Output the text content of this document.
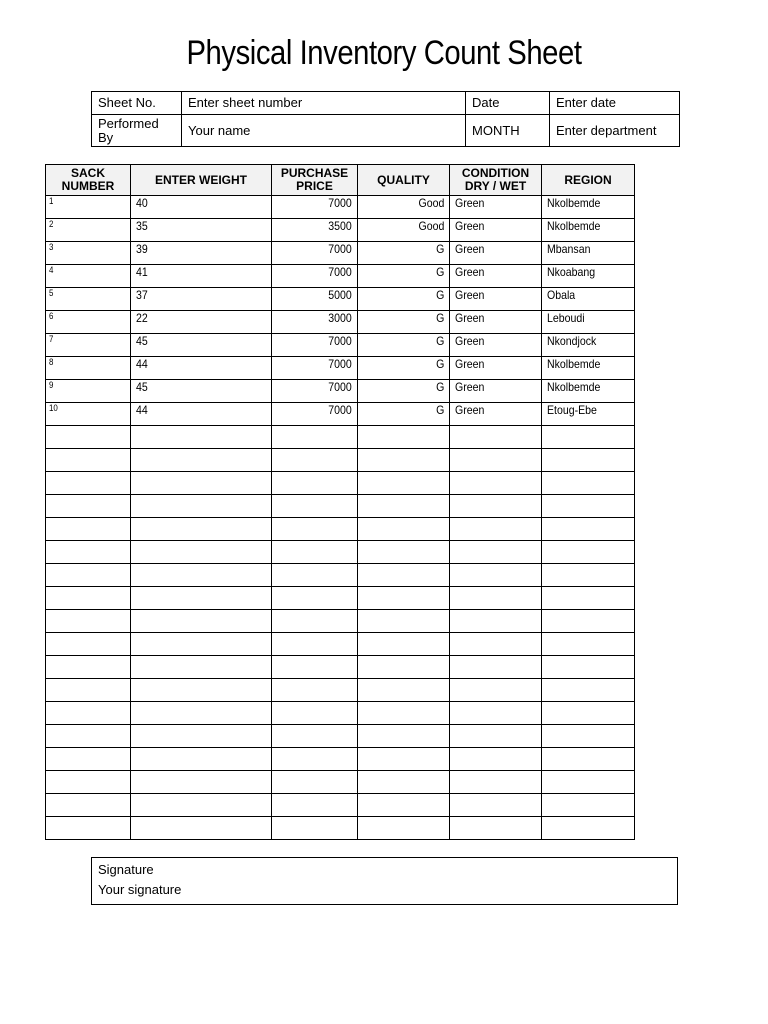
Physical Inventory Count Sheet
Sheet No.	Enter sheet number	Date	Enter date
Performed By	Your name	MONTH	Enter department
SACK NUMBER	ENTER WEIGHT	PURCHASE PRICE	QUALITY	CONDITION DRY / WET	REGION
1	40	7000	Good	Green	Nkolbemde
2	35	3500	Good	Green	Nkolbemde
3	39	7000	G	Green	Mbansan
4	41	7000	G	Green	Nkoabang
5	37	5000	G	Green	Obala
6	22	3000	G	Green	Leboudi
7	45	7000	G	Green	Nkondjock
8	44	7000	G	Green	Nkolbemde
9	45	7000	G	Green	Nkolbemde
10	44	7000	G	Green	Etoug-Ebe

Signature
Your signature
